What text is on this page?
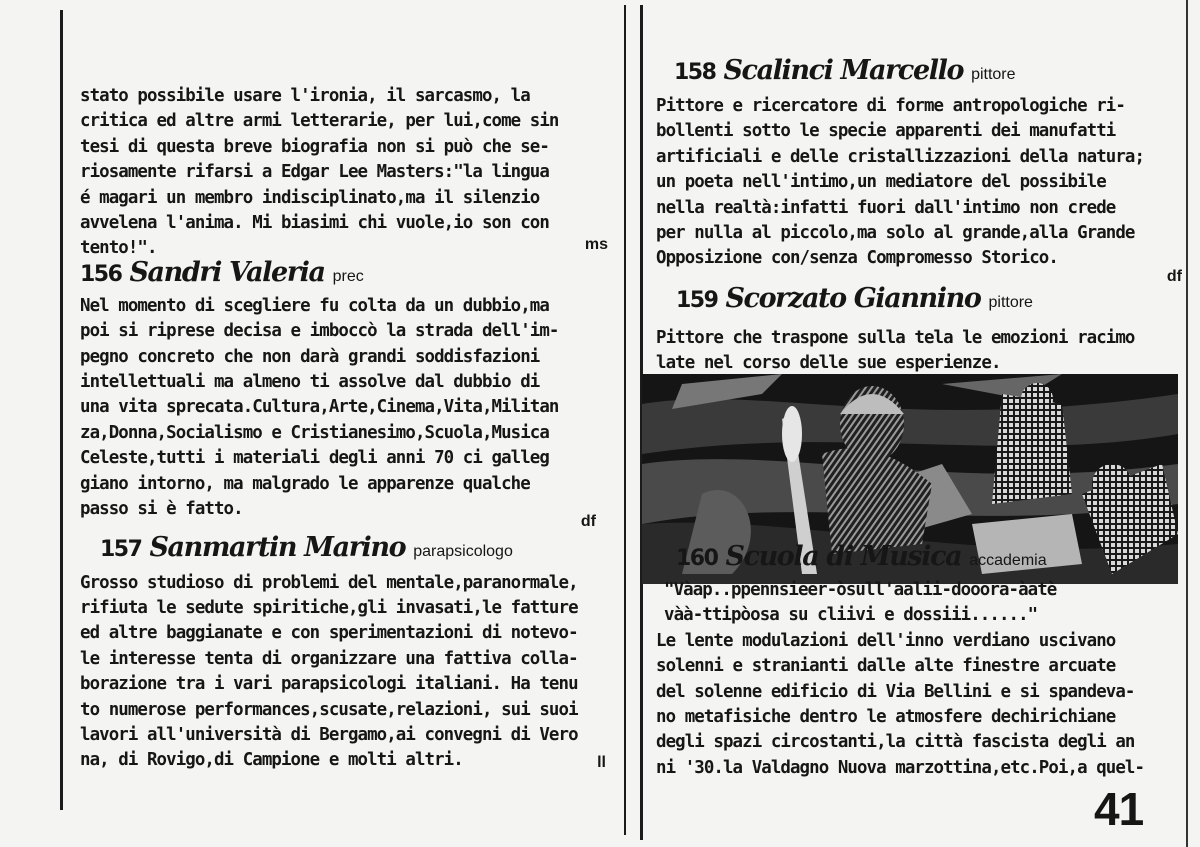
stato possibile usare l'ironia, il sarcasmo, la
critica ed altre armi letterarie, per lui,come sin
tesi di questa breve biografia non si può che se-
riosamente rifarsi a Edgar Lee Masters:"la lingua
é magari un membro indisciplinato,ma il silenzio
avvelena l'anima. Mi biasimi chi vuole,io son con
tento!".	ms

156 Sandri Valeria prec

Nel momento di scegliere fu colta da un dubbio,ma
poi si riprese decisa e imboccò la strada dell'im-
pegno concreto che non darà grandi soddisfazioni
intellettuali ma almeno ti assolve dal dubbio di
una vita sprecata.Cultura,Arte,Cinema,Vita,Militan
za,Donna,Socialismo e Cristianesimo,Scuola,Musica
Celeste,tutti i materiali degli anni 70 ci galleg
giano intorno, ma malgrado le apparenze qualche
passo si è fatto.

df

157 Sanmartin Marino parapsicologo

Grosso studioso di problemi del mentale,paranormale,
rifiuta le sedute spiritiche,gli invasati,le fatture
ed altre baggianate e con sperimentazioni di notevo-
le interesse tenta di organizzare una fattiva colla-
borazione tra i vari parapsicologi italiani. Ha tenu
to numerose performances,scusate,relazioni, sui suoi
lavori all'università di Bergamo,ai convegni di Vero
na, di Rovigo,di Campione e molti altri.	ll

158 Scalinci Marcello pittore

Pittore e ricercatore di forme antropologiche ri-
bollenti sotto le specie apparenti dei manufatti
artificiali e delle cristallizzazioni della natura;
un poeta nell'intimo,un mediatore del possibile
nella realtà:infatti fuori dall'intimo non crede
per nulla al piccolo,ma solo al grande,alla Grande
Opposizione con/senza Compromesso Storico.

df

159 Scorzato Giannino pittore

Pittore che traspone sulla tela le emozioni racimo
late nel corso delle sue esperienze.

160 Scuola di Musica accademia

"Vàap..ppennsieer-òsull'aalii-dooora-àatè
vàà-ttipòosa su cliivi e dossiii......"
Le lente modulazioni dell'inno verdiano uscivano
solenni e stranianti dalle alte finestre arcuate
del solenne edificio di Via Bellini e si spandeva-
no metafisiche dentro le atmosfere dechirichiane
degli spazi circostanti,la città fascista degli an
ni '30.la Valdagno Nuova marzottina,etc.Poi,a quel-

41
